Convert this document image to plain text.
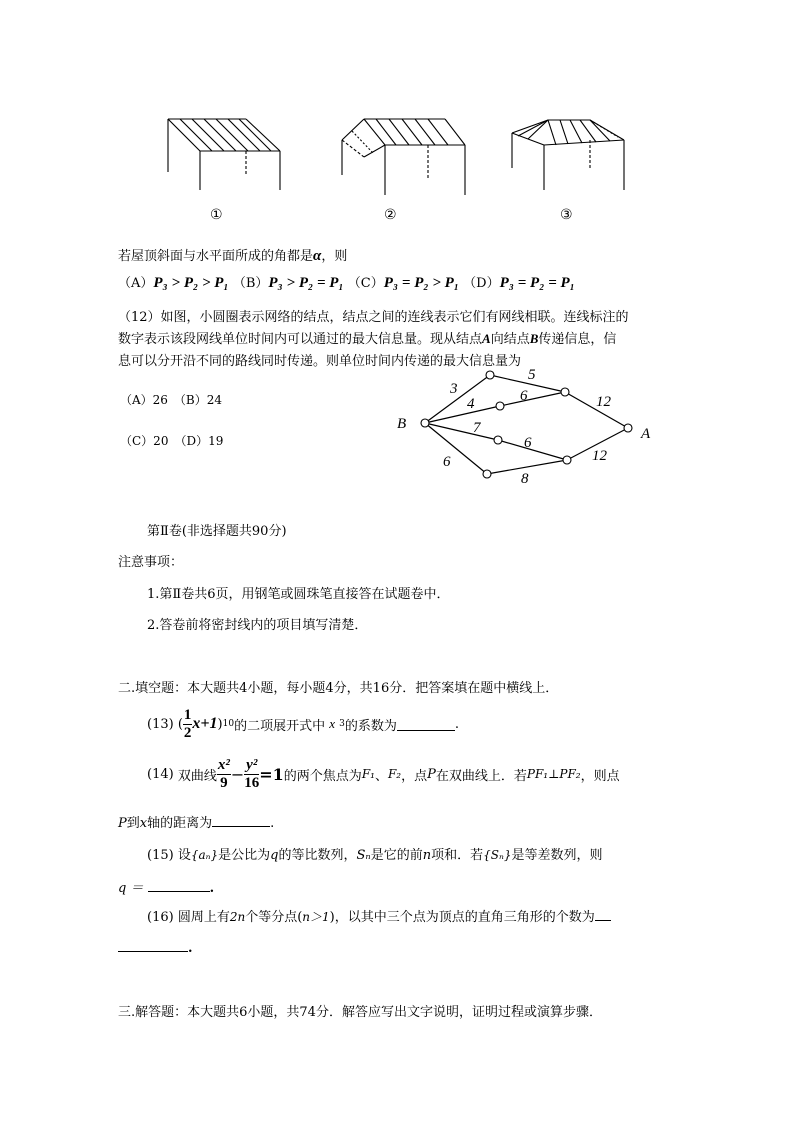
①	②	③
若屋顶斜面与水平面所成的角都是α，则
（A）P₃ > P₂ > P₁ （B）P₃ > P₂ = P₁ （C）P₃ = P₂ > P₁ （D）P₃ = P₂ = P₁
（12）如图，小圆圈表示网络的结点，结点之间的连线表示它们有网线相联。连线标注的
数字表示该段网线单位时间内可以通过的最大信息量。现从结点A向结点B传递信息，信
息可以分开沿不同的路线同时传递。则单位时间内传递的最大信息量为
（A）26　（B）24
（C）20　（D）19
B
A
3
5
12
4	6
7
6
12
6
8
第Ⅱ卷(非选择题共90分)
注意事项：
1.第Ⅱ卷共6页，用钢笔或圆珠笔直接答在试题卷中．
2.答卷前将密封线内的项目填写清楚．
二.填空题：本大题共4小题，每小题4分，共16分．把答案填在题中横线上．
(13)
( $\frac{1}{2} x+1$ ) 10 的二项展开式中
x
3 的系数为	.
(14)
双曲线 $\frac{\text{x²}}{9} - \frac{\text{y²}}{16} =1$ 的两个焦点为 F₁ 、 F₂ ，点 P 在双曲线上．若 PF₁⊥PF₂ ，则点
P到x轴的距离为	.
(15) 设{aₙ}是公比为q的等比数列，Sₙ是它的前n项和．若{Sₙ}是等差数列，则
q ＝	.
(16) 圆周上有2n个等分点(n＞1)，以其中三个点为顶点的直角三角形的个数为
.
三.解答题：本大题共6小题，共74分．解答应写出文字说明，证明过程或演算步骤．
